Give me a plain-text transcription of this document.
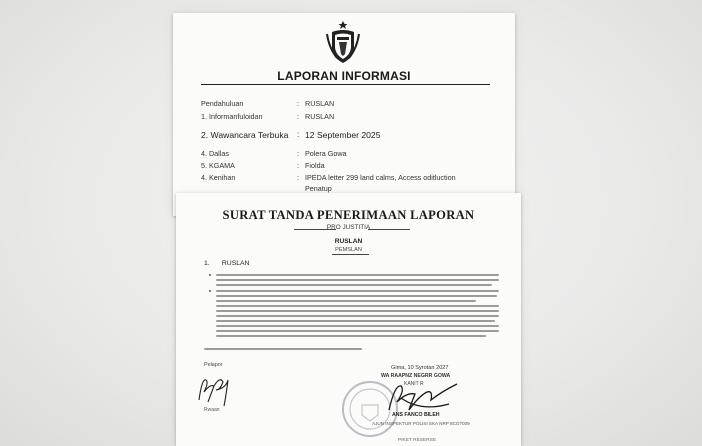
LAPORAN INFORMASI
Pendahuluan	: RUSLAN
1. Informanfuloidan	: RUSLAN
2. Wawancara Terbuka : 12 September 2025
4. Dallas	: Polera Gowa
5. KGAMA	: Fiolda
4. Kenihan	: IPEDA letter 299 land calms, Access oditluction
Penatup
SURAT TANDA PENERIMAAN LAPORAN
PRO JUSTITIA
RUSLAN
PEMSLAN
1. RUSLAN
Pelapor
Rwaan
Gima, 10 Syrotan 2027
WA RAAPNZ NEGRR GOWA
KANIT R
ANS FANCO BILEH
AJUN INSPEKTUR POLISI SKA NRP 8CO7009
PIKET RESERSE
